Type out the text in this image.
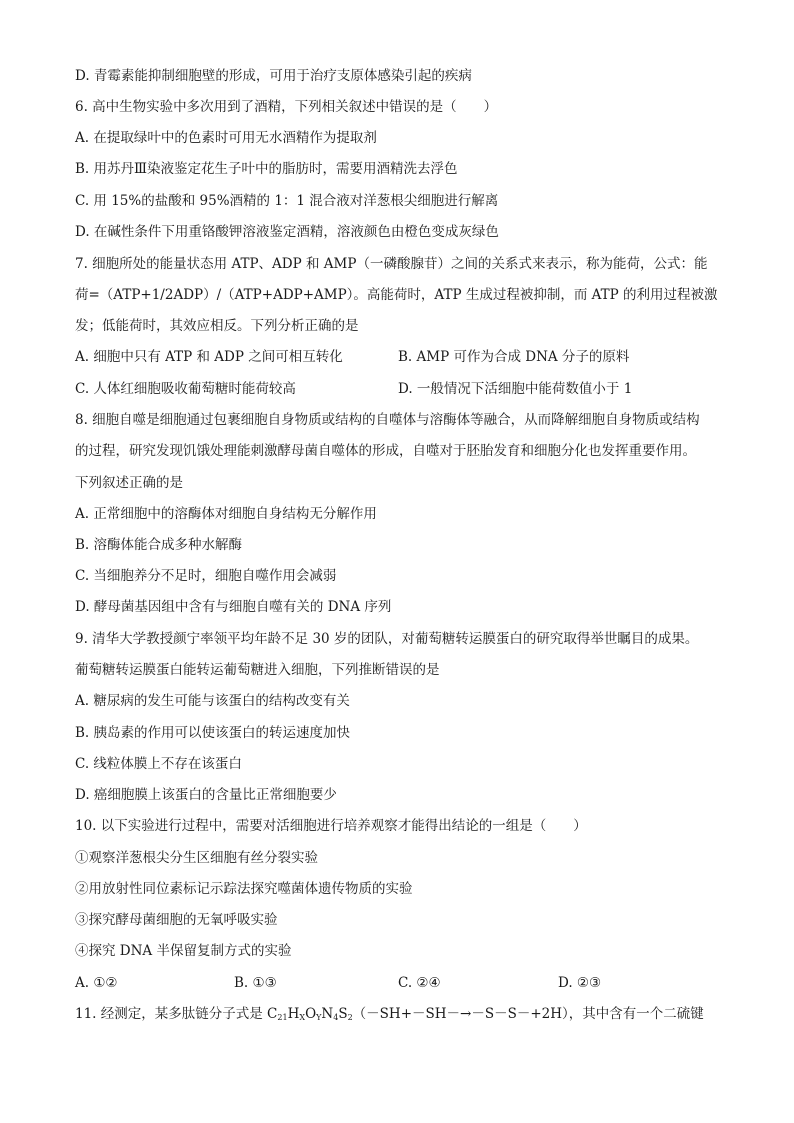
D. 青霉素能抑制细胞壁的形成，可用于治疗支原体感染引起的疾病
6. 高中生物实验中多次用到了酒精，下列相关叙述中错误的是（　　）
A. 在提取绿叶中的色素时可用无水酒精作为提取剂
B. 用苏丹Ⅲ染液鉴定花生子叶中的脂肪时，需要用酒精洗去浮色
C. 用 15%的盐酸和 95%酒精的 1：1 混合液对洋葱根尖细胞进行解离
D. 在碱性条件下用重铬酸钾溶液鉴定酒精，溶液颜色由橙色变成灰绿色
7. 细胞所处的能量状态用 ATP、ADP 和 AMP（一磷酸腺苷）之间的关系式来表示，称为能荷，公式：能
荷=（ATP+1/2ADP）/（ATP+ADP+AMP）。高能荷时，ATP 生成过程被抑制，而 ATP 的利用过程被激
发；低能荷时，其效应相反。下列分析正确的是
A. 细胞中只有 ATP 和 ADP 之间可相互转化	B. AMP 可作为合成 DNA 分子的原料
C. 人体红细胞吸收葡萄糖时能荷较高	D. 一般情况下活细胞中能荷数值小于 1
8. 细胞自噬是细胞通过包裹细胞自身物质或结构的自噬体与溶酶体等融合，从而降解细胞自身物质或结构
的过程，研究发现饥饿处理能刺激酵母菌自噬体的形成，自噬对于胚胎发育和细胞分化也发挥重要作用。
下列叙述正确的是
A. 正常细胞中的溶酶体对细胞自身结构无分解作用
B. 溶酶体能合成多种水解酶
C. 当细胞养分不足时，细胞自噬作用会减弱
D. 酵母菌基因组中含有与细胞自噬有关的 DNA 序列
9. 清华大学教授颜宁率领平均年龄不足 30 岁的团队，对葡萄糖转运膜蛋白的研究取得举世瞩目的成果。
葡萄糖转运膜蛋白能转运葡萄糖进入细胞，下列推断错误的是
A. 糖尿病的发生可能与该蛋白的结构改变有关
B. 胰岛素的作用可以使该蛋白的转运速度加快
C. 线粒体膜上不存在该蛋白
D. 癌细胞膜上该蛋白的含量比正常细胞要少
10. 以下实验进行过程中，需要对活细胞进行培养观察才能得出结论的一组是（　　）
①观察洋葱根尖分生区细胞有丝分裂实验
②用放射性同位素标记示踪法探究噬菌体遗传物质的实验
③探究酵母菌细胞的无氧呼吸实验
④探究 DNA 半保留复制方式的实验
A. ①②	B. ①③	C. ②④	D. ②③
11. 经测定，某多肽链分子式是 $C_{21}H_XO_YN_4S_2(-SH+-SH-\to-S-S-+2H)$，其中含有一个二硫键
